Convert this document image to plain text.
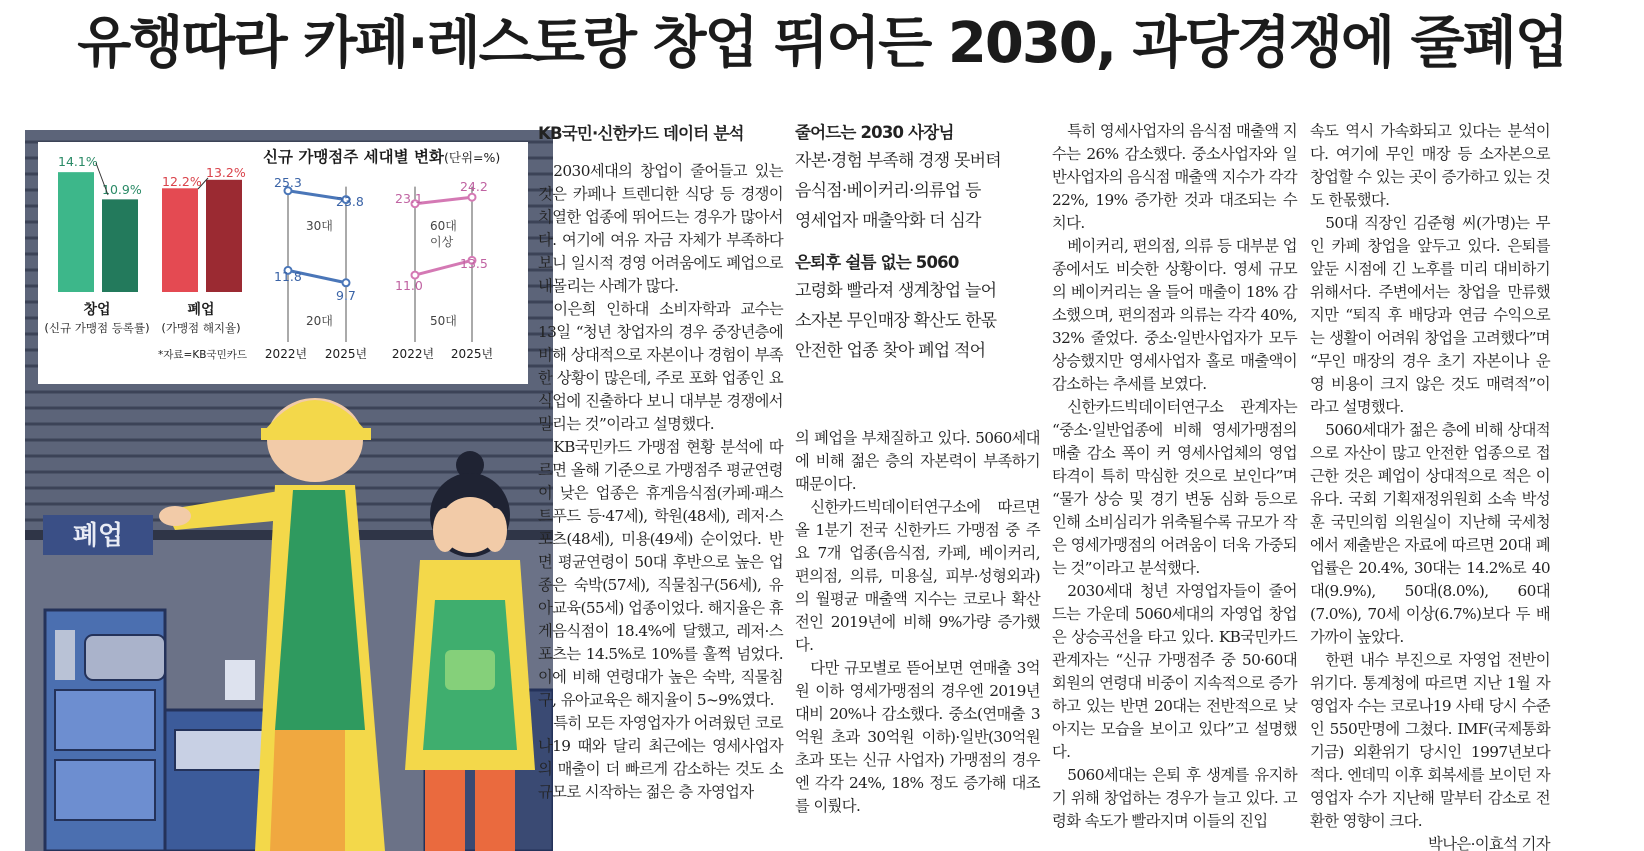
유행따라 카페·레스토랑 창업 뛰어든 2030, 과당경쟁에 줄폐업
폐업
신규 가맹점주 세대별 변화 (단위=%)
14.1%
10.9%
12.2%
13.2%
창업
(신규 가맹점 등록률)
폐업
(가맹점 해지율)
*자료=KB국민카드
30대
20대
60대
이상
50대
25.3
23.8
11.8
9.7
23.1
24.2
11.0
13.5
2022년 2025년 2022년 2025년
KB국민·신한카드 데이터 분석

2030세대의 창업이 줄어들고 있는 것은 카페나 트렌디한 식당 등 경쟁이 치열한 업종에 뛰어드는 경우가 많아서다. 여기에 여유 자금 자체가 부족하다 보니 일시적 경영 어려움에도 폐업으로 내몰리는 사례가 많다.

이은희 인하대 소비자학과 교수는 13일 “청년 창업자의 경우 중장년층에 비해 상대적으로 자본이나 경험이 부족한 상황이 많은데, 주로 포화 업종인 요식업에 진출하다 보니 대부분 경쟁에서 밀리는 것”이라고 설명했다.

KB국민카드 가맹점 현황 분석에 따르면 올해 기준으로 가맹점주 평균연령이 낮은 업종은 휴게음식점(카페·패스트푸드 등·47세), 학원(48세), 레저·스포츠(48세), 미용(49세) 순이었다. 반면 평균연령이 50대 후반으로 높은 업종은 숙박(57세), 직물침구(56세), 유아교육(55세) 업종이었다. 해지율은 휴게음식점이 18.4%에 달했고, 레저·스포츠는 14.5%로 10%를 훌쩍 넘었다. 이에 비해 연령대가 높은 숙박, 직물침구, 유아교육은 해지율이 5~9%였다.

특히 모든 자영업자가 어려웠던 코로나19 때와 달리 최근에는 영세사업자의 매출이 더 빠르게 감소하는 것도 소규모로 시작하는 젊은 층 자영업자

줄어드는 2030 사장님
자본·경험 부족해 경쟁 못버텨
음식점·베이커리·의류업 등
영세업자 매출악화 더 심각
은퇴후 쉴틈 없는 5060
고령화 빨라져 생계창업 늘어
소자본 무인매장 확산도 한몫
안전한 업종 찾아 폐업 적어

의 폐업을 부채질하고 있다. 5060세대에 비해 젊은 층의 자본력이 부족하기 때문이다.

신한카드빅데이터연구소에 따르면 올 1분기 전국 신한카드 가맹점 중 주요 7개 업종(음식점, 카페, 베이커리, 편의점, 의류, 미용실, 피부·성형외과)의 월평균 매출액 지수는 코로나 확산 전인 2019년에 비해 9%가량 증가했다.

다만 규모별로 뜯어보면 연매출 3억원 이하 영세가맹점의 경우엔 2019년 대비 20%나 감소했다. 중소(연매출 3억원 초과 30억원 이하)·일반(30억원 초과 또는 신규 사업자) 가맹점의 경우엔 각각 24%, 18% 정도 증가해 대조를 이뤘다.

특히 영세사업자의 음식점 매출액 지수는 26% 감소했다. 중소사업자와 일반사업자의 음식점 매출액 지수가 각각 22%, 19% 증가한 것과 대조되는 수치다.

베이커리, 편의점, 의류 등 대부분 업종에서도 비슷한 상황이다. 영세 규모의 베이커리는 올 들어 매출이 18% 감소했으며, 편의점과 의류는 각각 40%, 32% 줄었다. 중소·일반사업자가 모두 상승했지만 영세사업자 홀로 매출액이 감소하는 추세를 보였다.

신한카드빅데이터연구소 관계자는 “중소·일반업종에 비해 영세가맹점의 매출 감소 폭이 커 영세사업체의 영업 타격이 특히 막심한 것으로 보인다”며 “물가 상승 및 경기 변동 심화 등으로 인해 소비심리가 위축될수록 규모가 작은 영세가맹점의 어려움이 더욱 가중되는 것”이라고 분석했다.

2030세대 청년 자영업자들이 줄어드는 가운데 5060세대의 자영업 창업은 상승곡선을 타고 있다. KB국민카드 관계자는 “신규 가맹점주 중 50·60대 회원의 연령대 비중이 지속적으로 증가하고 있는 반면 20대는 전반적으로 낮아지는 모습을 보이고 있다”고 설명했다.

5060세대는 은퇴 후 생계를 유지하기 위해 창업하는 경우가 늘고 있다. 고령화 속도가 빨라지며 이들의 진입

속도 역시 가속화되고 있다는 분석이다. 여기에 무인 매장 등 소자본으로 창업할 수 있는 곳이 증가하고 있는 것도 한몫했다.

50대 직장인 김준형 씨(가명)는 무인 카페 창업을 앞두고 있다. 은퇴를 앞둔 시점에 긴 노후를 미리 대비하기 위해서다. 주변에서는 창업을 만류했지만 “퇴직 후 배당과 연금 수익으로는 생활이 어려워 창업을 고려했다”며 “무인 매장의 경우 초기 자본이나 운영 비용이 크지 않은 것도 매력적”이라고 설명했다.

5060세대가 젊은 층에 비해 상대적으로 자산이 많고 안전한 업종으로 접근한 것은 폐업이 상대적으로 적은 이유다. 국회 기획재정위원회 소속 박성훈 국민의힘 의원실이 지난해 국세청에서 제출받은 자료에 따르면 20대 폐업률은 20.4%, 30대는 14.2%로 40대(9.9%), 50대(8.0%), 60대(7.0%), 70세 이상(6.7%)보다 두 배 가까이 높았다.

한편 내수 부진으로 자영업 전반이 위기다. 통계청에 따르면 지난 1월 자영업자 수는 코로나19 사태 당시 수준인 550만명에 그쳤다. IMF(국제통화기금) 외환위기 당시인 1997년보다 적다. 엔데믹 이후 회복세를 보이던 자영업자 수가 지난해 말부터 감소로 전환한 영향이 크다.

박나은·이효석 기자
